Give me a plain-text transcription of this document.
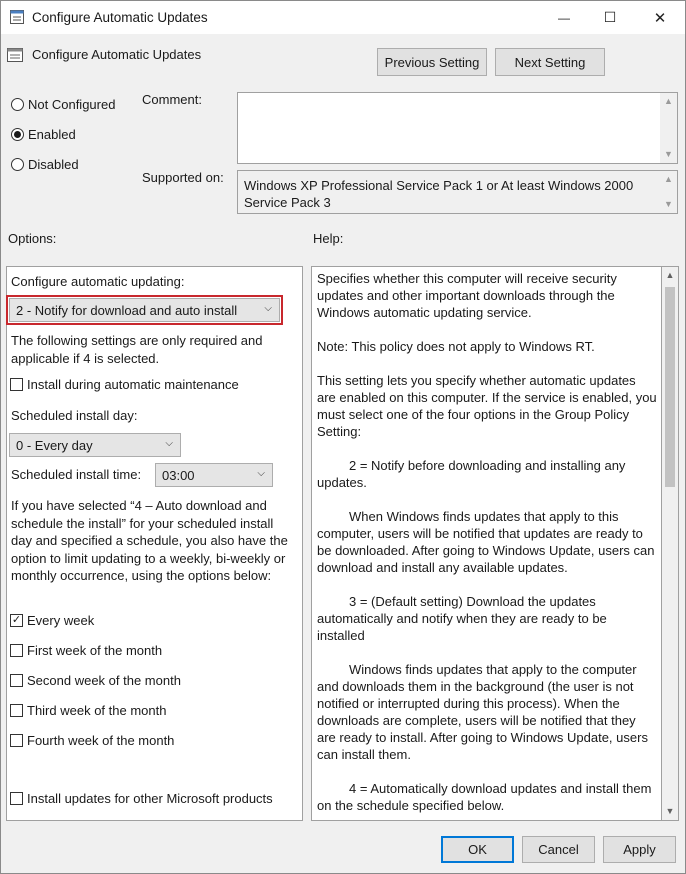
Configure Automatic Updates	— ☐ ✕
Configure Automatic Updates	Previous Setting	Next Setting
Not Configured
Enabled
Disabled
Comment:	▲
▼
Supported on:
Windows XP Professional Service Pack 1 or At least Windows 2000 Service Pack 3
▲
▼
Options:	Help:
Configure automatic updating:
2 - Notify for download and auto install	⌵
The following settings are only required and applicable if 4 is selected.
Install during automatic maintenance
Scheduled install day:
0 - Every day	⌵
Scheduled install time: 03:00	⌵
If you have selected “4 – Auto download and schedule the install” for your scheduled install day and specified a schedule, you also have the option to limit updating to a weekly, bi-weekly or monthly occurrence, using the options below:
✓ Every week
First week of the month
Second week of the month
Third week of the month
Fourth week of the month
Install updates for other Microsoft products

Specifies whether this computer will receive security updates and other important downloads through the Windows automatic updating service.

Note: This policy does not apply to Windows RT.

This setting lets you specify whether automatic updates are enabled on this computer. If the service is enabled, you must select one of the four options in the Group Policy Setting:

2 = Notify before downloading and installing any updates.

When Windows finds updates that apply to this computer, users will be notified that updates are ready to be downloaded. After going to Windows Update, users can download and install any available updates.

3 = (Default setting) Download the updates automatically and notify when they are ready to be installed

Windows finds updates that apply to the computer and downloads them in the background (the user is not notified or interrupted during this process). When the downloads are complete, users will be notified that they are ready to install. After going to Windows Update, users can install them.

4 = Automatically download updates and install them on the schedule specified below.

▲
▼
OK	Cancel	Apply
